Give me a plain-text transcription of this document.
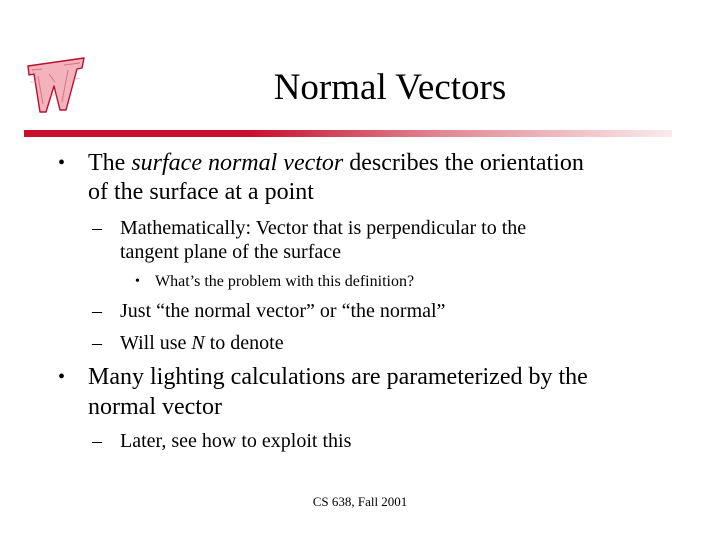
Normal Vectors
• The surface normal vector describes the orientation
of the surface at a point
– Mathematically: Vector that is perpendicular to the
tangent plane of the surface
• What’s the problem with this definition?
– Just “the normal vector” or “the normal”
– Will use N to denote
• Many lighting calculations are parameterized by the
normal vector
– Later, see how to exploit this
CS 638, Fall 2001
